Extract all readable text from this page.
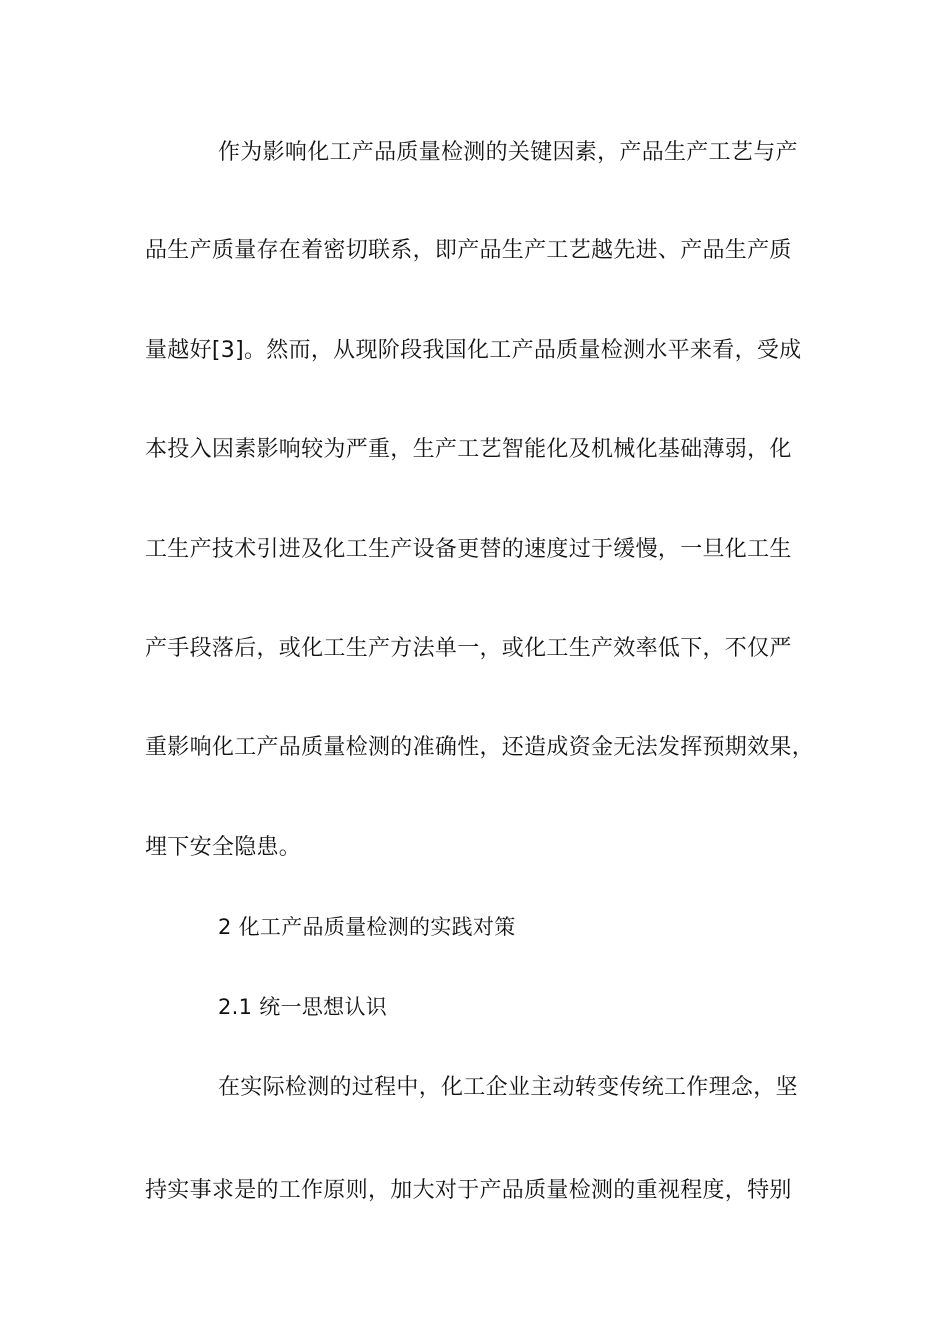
作为影响化工产品质量检测的关键因素，产品生产工艺与产
品生产质量存在着密切联系，即产品生产工艺越先进、产品生产质
量越好[3]。然而，从现阶段我国化工产品质量检测水平来看，受成
本投入因素影响较为严重，生产工艺智能化及机械化基础薄弱，化
工生产技术引进及化工生产设备更替的速度过于缓慢，一旦化工生
产手段落后，或化工生产方法单一，或化工生产效率低下，不仅严
重影响化工产品质量检测的准确性，还造成资金无法发挥预期效果，
埋下安全隐患。
2 化工产品质量检测的实践对策
2.1 统一思想认识
在实际检测的过程中，化工企业主动转变传统工作理念，坚
持实事求是的工作原则，加大对于产品质量检测的重视程度，特别
